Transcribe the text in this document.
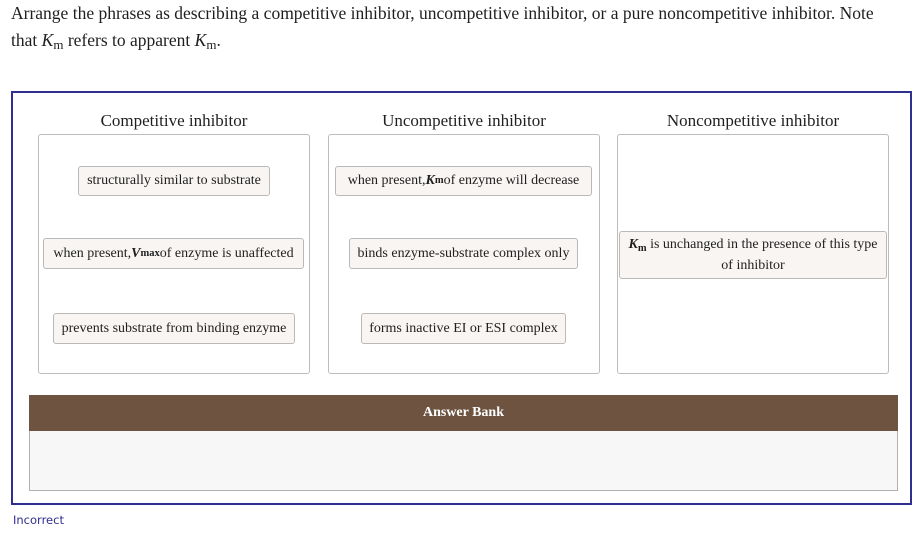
Arrange the phrases as describing a competitive inhibitor, uncompetitive inhibitor, or a pure noncompetitive inhibitor. Note
that $K_m$ refers to apparent $K_m$.
Competitive inhibitor
structurally similar to substrate
when present, V max of enzyme is unaffected
prevents substrate from binding enzyme
Uncompetitive inhibitor
when present, K m of enzyme will decrease
binds enzyme-substrate complex only
forms inactive EI or ESI complex
Noncompetitive inhibitor
$K_m$ is unchanged in the presence of this type of inhibitor
Answer Bank
Incorrect
